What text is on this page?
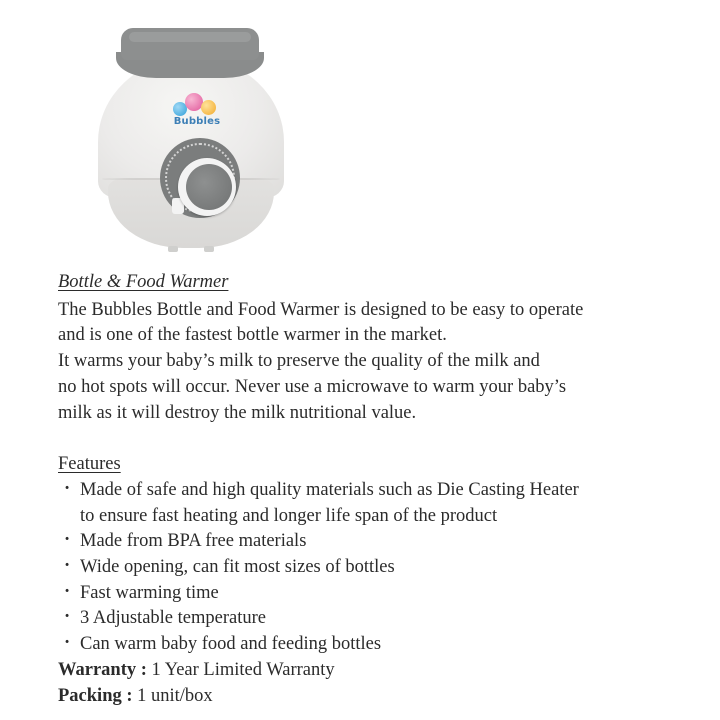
Bubbles
Bottle & Food Warmer
The Bubbles Bottle and Food Warmer is designed to be easy to operate
and is one of the fastest bottle warmer in the market.
It warms your baby’s milk to preserve the quality of the milk and
no hot spots will occur. Never use a microwave to warm your baby’s
milk as it will destroy the milk nutritional value.
Features
· Made of safe and high quality materials such as Die Casting Heater
to ensure fast heating and longer life span of the product
· Made from BPA free materials
· Wide opening, can fit most sizes of bottles
· Fast warming time
· 3 Adjustable temperature
· Can warm baby food and feeding bottles
Warranty : 1 Year Limited Warranty
Packing : 1 unit/box
